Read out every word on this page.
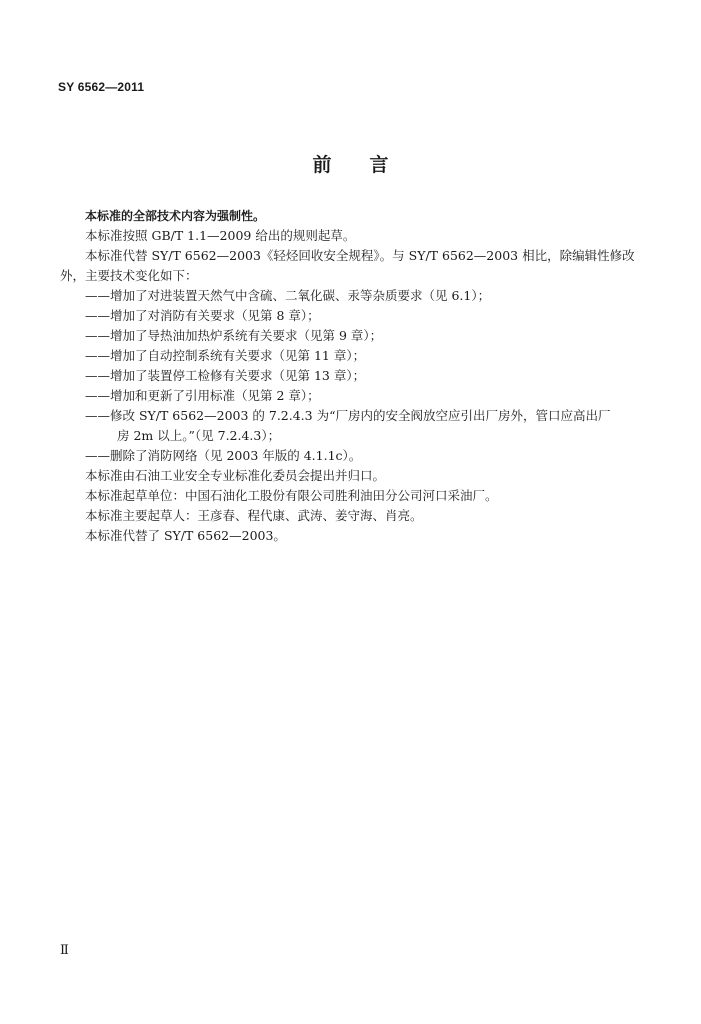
SY 6562—2011
前 言
本标准的全部技术内容为强制性。
本标准按照 GB/T 1.1—2009 给出的规则起草。
本标准代替 SY/T 6562—2003《轻烃回收安全规程》。与 SY/T 6562—2003 相比，除编辑性修改
外，主要技术变化如下：
——增加了对进装置天然气中含硫、二氧化碳、汞等杂质要求（见 6.1）；
——增加了对消防有关要求（见第 8 章）；
——增加了导热油加热炉系统有关要求（见第 9 章）；
——增加了自动控制系统有关要求（见第 11 章）；
——增加了装置停工检修有关要求（见第 13 章）；
——增加和更新了引用标准（见第 2 章）；
——修改 SY/T 6562—2003 的 7.2.4.3 为“厂房内的安全阀放空应引出厂房外，管口应高出厂
房 2m 以上。”（见 7.2.4.3）；
——删除了消防网络（见 2003 年版的 4.1.1c）。
本标准由石油工业安全专业标准化委员会提出并归口。
本标准起草单位：中国石油化工股份有限公司胜利油田分公司河口采油厂。
本标准主要起草人：王彦春、程代康、武涛、姜守海、肖亮。
本标准代替了 SY/T 6562—2003。
Ⅱ
